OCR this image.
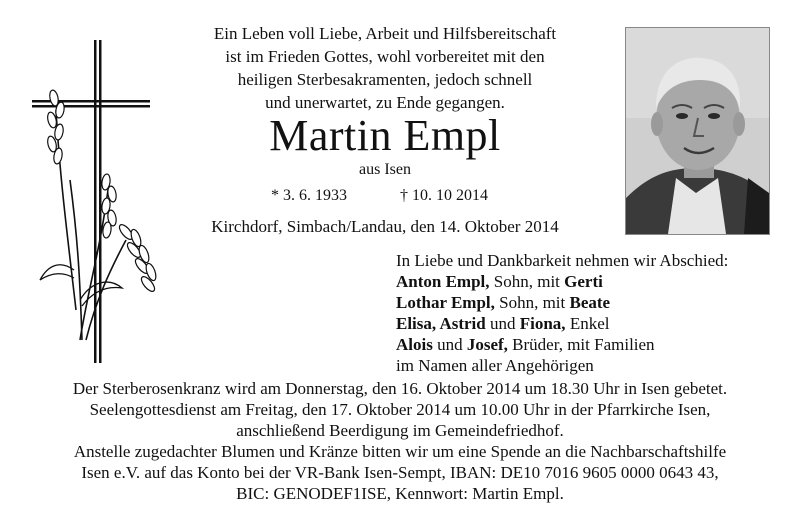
Ein Leben voll Liebe, Arbeit und Hilfsbereitschaft
ist im Frieden Gottes, wohl vorbereitet mit den
heiligen Sterbesakramenten, jedoch schnell
und unerwartet, zu Ende gegangen.
Martin Empl
aus Isen
* 3. 6. 1933	† 10. 10 2014
Kirchdorf, Simbach/Landau, den 14. Oktober 2014
In Liebe und Dankbarkeit nehmen wir Abschied:
Anton Empl, Sohn, mit Gerti
Lothar Empl, Sohn, mit Beate
Elisa, Astrid und Fiona, Enkel
Alois und Josef, Brüder, mit Familien
im Namen aller Angehörigen
Der Sterberosenkranz wird am Donnerstag, den 16. Oktober 2014 um 18.30 Uhr in Isen gebetet.
Seelengottesdienst am Freitag, den 17. Oktober 2014 um 10.00 Uhr in der Pfarrkirche Isen,
anschließend Beerdigung im Gemeindefriedhof.
Anstelle zugedachter Blumen und Kränze bitten wir um eine Spende an die Nachbarschaftshilfe
Isen e.V. auf das Konto bei der VR-Bank Isen-Sempt, IBAN: DE10 7016 9605 0000 0643 43,
BIC: GENODEF1ISE, Kennwort: Martin Empl.
